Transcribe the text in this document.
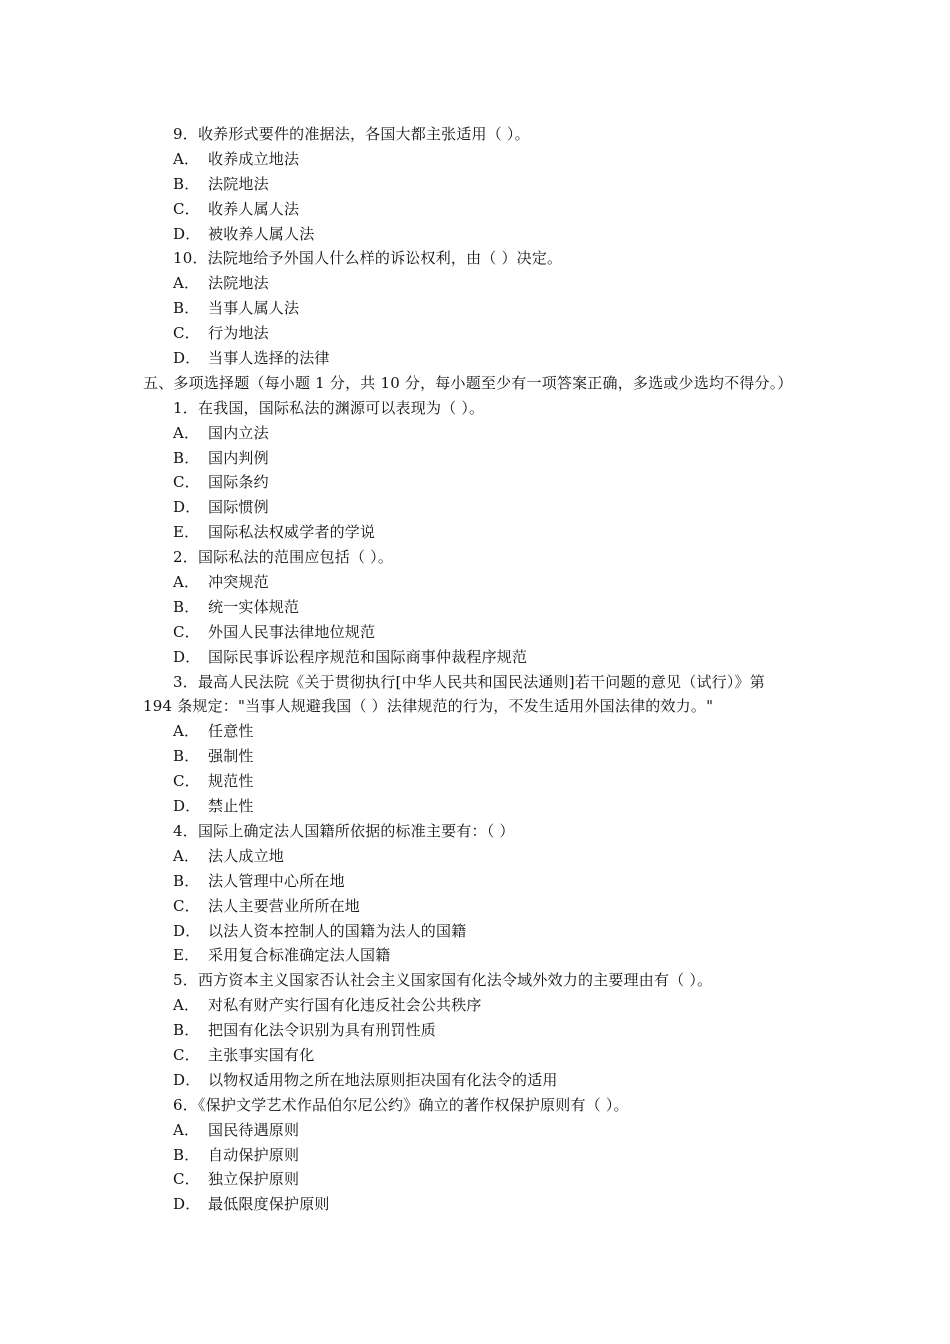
9．收养形式要件的准据法，各国大都主张适用（ ）。
A． 收养成立地法
B． 法院地法
C． 收养人属人法
D． 被收养人属人法
10．法院地给予外国人什么样的诉讼权利，由（ ）决定。
A． 法院地法
B． 当事人属人法
C． 行为地法
D． 当事人选择的法律
五、多项选择题（每小题 1 分，共 10 分，每小题至少有一项答案正确，多选或少选均不得分。）
1．在我国，国际私法的渊源可以表现为（ ）。
A． 国内立法
B． 国内判例
C． 国际条约
D． 国际惯例
E． 国际私法权威学者的学说
2．国际私法的范围应包括（ ）。
A． 冲突规范
B． 统一实体规范
C． 外国人民事法律地位规范
D． 国际民事诉讼程序规范和国际商事仲裁程序规范
3．最高人民法院《关于贯彻执行[中华人民共和国民法通则]若干问题的意见（试行）》第
194 条规定："当事人规避我国（ ）法律规范的行为，不发生适用外国法律的效力。"
A． 任意性
B． 强制性
C． 规范性
D． 禁止性
4．国际上确定法人国籍所依据的标准主要有：（ ）
A． 法人成立地
B． 法人管理中心所在地
C． 法人主要营业所所在地
D． 以法人资本控制人的国籍为法人的国籍
E． 采用复合标准确定法人国籍
5．西方资本主义国家否认社会主义国家国有化法令域外效力的主要理由有（ ）。
A． 对私有财产实行国有化违反社会公共秩序
B． 把国有化法令识别为具有刑罚性质
C． 主张事实国有化
D． 以物权适用物之所在地法原则拒决国有化法令的适用
6．《保护文学艺术作品伯尔尼公约》确立的著作权保护原则有（ ）。
A． 国民待遇原则
B． 自动保护原则
C． 独立保护原则
D． 最低限度保护原则
